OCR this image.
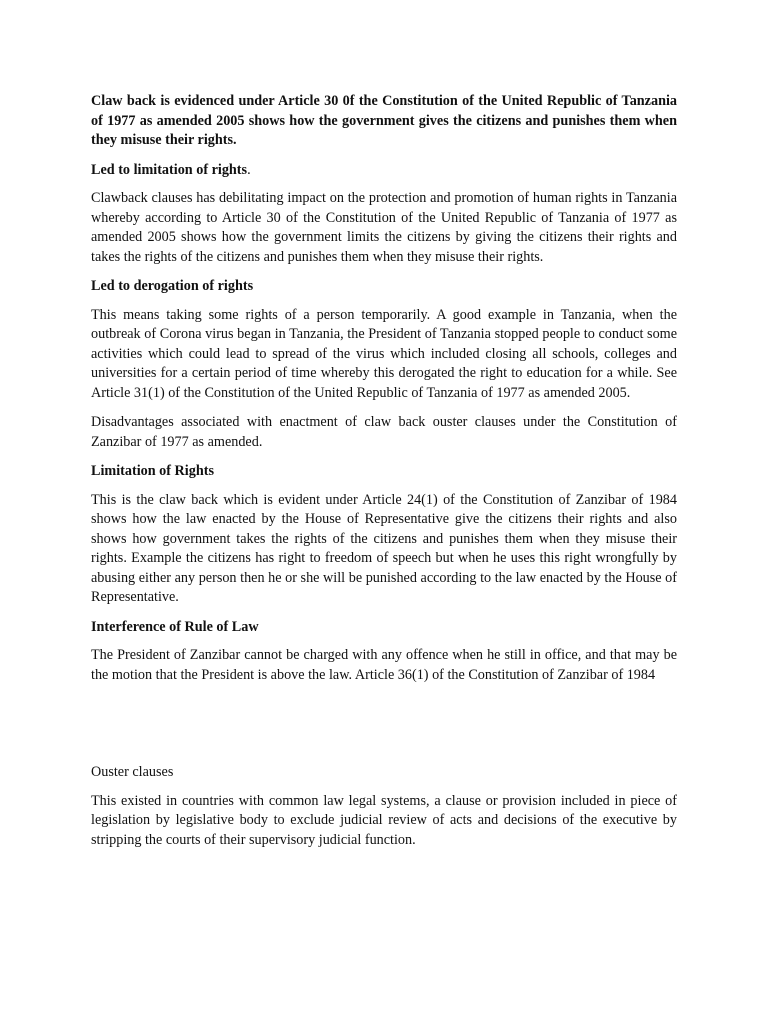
Claw back is evidenced under Article 30 0f the Constitution of the United Republic of Tanzania of 1977 as amended 2005 shows how the government gives the citizens and punishes them when they misuse their rights.

Led to limitation of rights.

Clawback clauses has debilitating impact on the protection and promotion of human rights in Tanzania whereby according to Article 30 of the Constitution of the United Republic of Tanzania of 1977 as amended 2005 shows how the government limits the citizens by giving the citizens their rights and takes the rights of the citizens and punishes them when they misuse their rights.

Led to derogation of rights

This means taking some rights of a person temporarily. A good example in Tanzania, when the outbreak of Corona virus began in Tanzania, the President of Tanzania stopped people to conduct some activities which could lead to spread of the virus which included closing all schools, colleges and universities for a certain period of time whereby this derogated the right to education for a while. See Article 31(1) of the Constitution of the United Republic of Tanzania of 1977 as amended 2005.

Disadvantages associated with enactment of claw back ouster clauses under the Constitution of Zanzibar of 1977 as amended.

Limitation of Rights

This is the claw back which is evident under Article 24(1) of the Constitution of Zanzibar of 1984 shows how the law enacted by the House of Representative give the citizens their rights and also shows how government takes the rights of the citizens and punishes them when they misuse their rights. Example the citizens has right to freedom of speech but when he uses this right wrongfully by abusing either any person then he or she will be punished according to the law enacted by the House of Representative.

Interference of Rule of Law

The President of Zanzibar cannot be charged with any offence when he still in office, and that may be the motion that the President is above the law. Article 36(1) of the Constitution of Zanzibar of 1984

Ouster clauses

This existed in countries with common law legal systems, a clause or provision included in piece of legislation by legislative body to exclude judicial review of acts and decisions of the executive by stripping the courts of their supervisory judicial function.
